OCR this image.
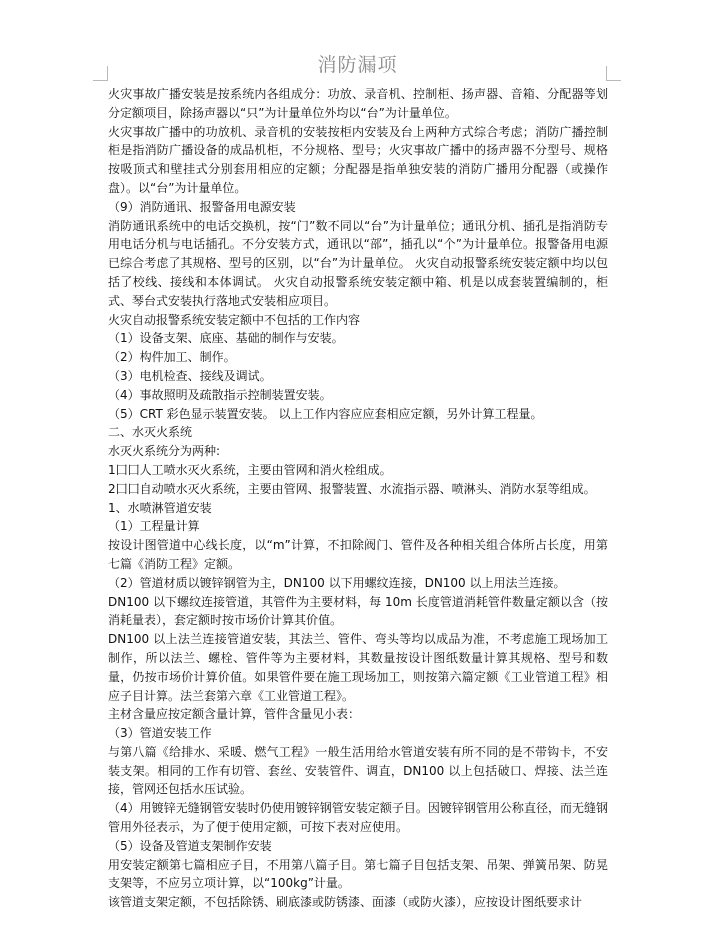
消防漏项

火灾事故广播安装是按系统内各组成分：功放、录音机、控制柜、扬声器、音箱、分配器等划分定额项目，除扬声器以“只”为计量单位外均以“台”为计量单位。

火灾事故广播中的功放机、录音机的安装按柜内安装及台上两种方式综合考虑；消防广播控制柜是指消防广播设备的成品机柜，不分规格、型号；火灾事故广播中的扬声器不分型号、规格按吸顶式和壁挂式分别套用相应的定额；分配器是指单独安装的消防广播用分配器（或操作盘）。以“台”为计量单位。

（9）消防通讯、报警备用电源安装

消防通讯系统中的电话交换机，按“门”数不同以“台”为计量单位；通讯分机、插孔是指消防专用电话分机与电话插孔。不分安装方式，通讯以“部”，插孔以“个”为计量单位。报警备用电源已综合考虑了其规格、型号的区别，以“台”为计量单位。 火灾自动报警系统安装定额中均以包括了校线、接线和本体调试。 火灾自动报警系统安装定额中箱、机是以成套装置编制的，柜式、琴台式安装执行落地式安装相应项目。

火灾自动报警系统安装定额中不包括的工作内容

（1）设备支架、底座、基础的制作与安装。

（2）构件加工、制作。

（3）电机检查、接线及调试。

（4）事故照明及疏散指示控制装置安装。

（5）CRT 彩色显示装置安装。 以上工作内容应应套相应定额，另外计算工程量。

二、水灭火系统

水灭火系统分为两种:

1囗囗人工喷水灭火系统，主要由管网和消火栓组成。

2囗囗自动喷水灭火系统，主要由管网、报警装置、水流指示器、喷淋头、消防水泵等组成。

1、水喷淋管道安装

（1）工程量计算

按设计图管道中心线长度，以“m”计算，不扣除阀门、管件及各种相关组合体所占长度，用第七篇《消防工程》定额。

（2）管道材质以镀锌钢管为主，DN100 以下用螺纹连接，DN100 以上用法兰连接。

DN100 以下螺纹连接管道，其管件为主要材料，每 10m 长度管道消耗管件数量定额以含（按消耗量表），套定额时按市场价计算其价值。

DN100 以上法兰连接管道安装，其法兰、管件、弯头等均以成品为准，不考虑施工现场加工制作，所以法兰、螺栓、管件等为主要材料，其数量按设计图纸数量计算其规格、型号和数量，仍按市场价计算价值。如果管件要在施工现场加工，则按第六篇定额《工业管道工程》相应子目计算。法兰套第六章《工业管道工程》。

主材含量应按定额含量计算，管件含量见小表：

（3）管道安装工作

与第八篇《给排水、采暖、燃气工程》一般生活用给水管道安装有所不同的是不带钩卡，不安装支架。相同的工作有切管、套丝、安装管件、调直，DN100 以上包括破口、焊接、法兰连接，管网还包括水压试验。

（4）用镀锌无缝钢管安装时仍使用镀锌钢管安装定额子目。因镀锌钢管用公称直径，而无缝钢管用外径表示，为了便于使用定额，可按下表对应使用。

（5）设备及管道支架制作安装

用安装定额第七篇相应子目，不用第八篇子目。第七篇子目包括支架、吊架、弹簧吊架、防晃支架等，不应另立项计算，以“100kg”计量。

该管道支架定额，不包括除锈、刷底漆或防锈漆、面漆（或防火漆），应按设计图纸要求计
